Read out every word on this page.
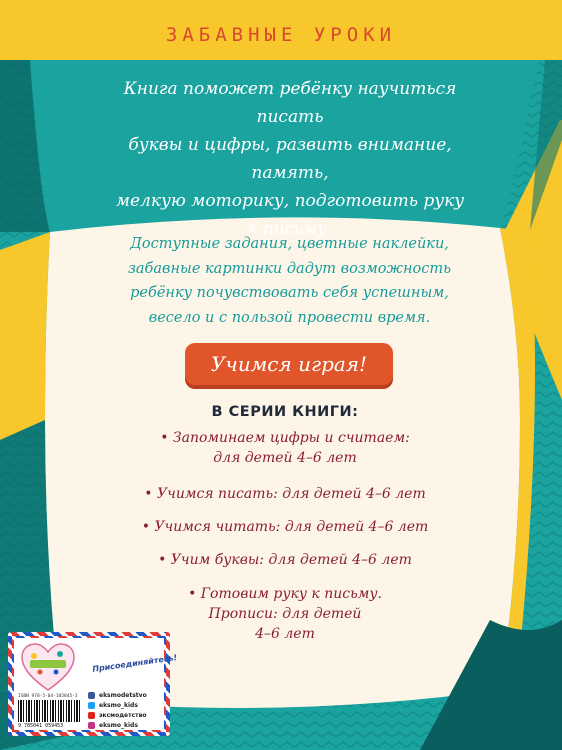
ЗАБАВНЫЕ УРОКИ
Книга поможет ребёнку научиться писать
буквы и цифры, развить внимание, память,
мелкую моторику, подготовить руку
к письму.
Доступные задания, цветные наклейки,
забавные картинки дадут возможность
ребёнку почувствовать себя успешным,
весело и с пользой провести время.
Учимся играя!
В СЕРИИ КНИГИ:
• Запоминаем цифры и считаем:
для детей 4–6 лет
• Учимся писать: для детей 4–6 лет
• Учимся читать: для детей 4–6 лет
• Учим буквы: для детей 4–6 лет
• Готовим руку к письму.
Прописи: для детей
4–6 лет
Присоединяйтесь!
ISBN 978-5-04-105845-3
9 785041 059453
eksmodetstvo
eksmo_kids
эксмодетство
eksmo_kids
